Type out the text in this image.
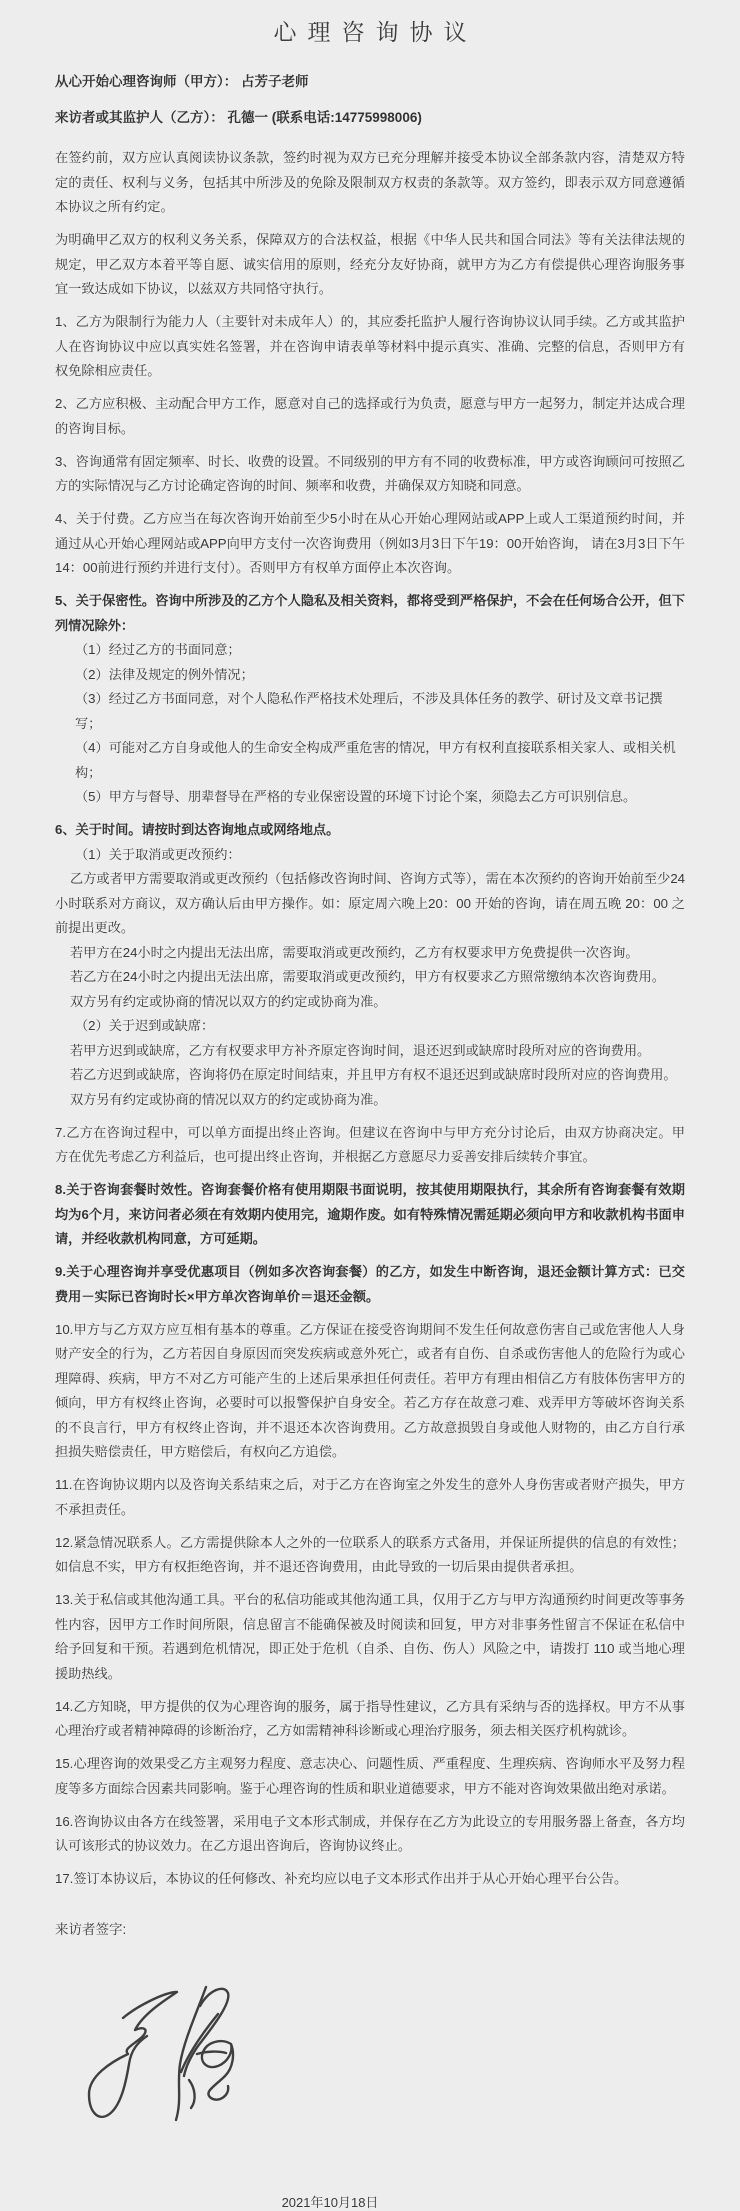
心理咨询协议

从心开始心理咨询师（甲方）： 占芳子老师

来访者或其监护人（乙方）： 孔德一 (联系电话:14775998006)

在签约前，双方应认真阅读协议条款，签约时视为双方已充分理解并接受本协议全部条款内容，清楚双方特定的责任、权利与义务，包括其中所涉及的免除及限制双方权责的条款等。双方签约，即表示双方同意遵循本协议之所有约定。

为明确甲乙双方的权利义务关系，保障双方的合法权益，根据《中华人民共和国合同法》等有关法律法规的规定，甲乙双方本着平等自愿、诚实信用的原则，经充分友好协商，就甲方为乙方有偿提供心理咨询服务事宜一致达成如下协议，以兹双方共同恪守执行。

1、乙方为限制行为能力人（主要针对未成年人）的，其应委托监护人履行咨询协议认同手续。乙方或其监护人在咨询协议中应以真实姓名签署，并在咨询申请表单等材料中提示真实、准确、完整的信息，否则甲方有权免除相应责任。

2、乙方应积极、主动配合甲方工作，愿意对自己的选择或行为负责，愿意与甲方一起努力，制定并达成合理的咨询目标。

3、咨询通常有固定频率、时长、收费的设置。不同级别的甲方有不同的收费标准，甲方或咨询顾问可按照乙方的实际情况与乙方讨论确定咨询的时间、频率和收费，并确保双方知晓和同意。

4、关于付费。乙方应当在每次咨询开始前至少5小时在从心开始心理网站或APP上或人工渠道预约时间，并通过从心开始心理网站或APP向甲方支付一次咨询费用（例如3月3日下午19：00开始咨询， 请在3月3日下午14：00前进行预约并进行支付）。否则甲方有权单方面停止本次咨询。

5、关于保密性。咨询中所涉及的乙方个人隐私及相关资料，都将受到严格保护，不会在任何场合公开，但下列情况除外：

（1）经过乙方的书面同意；

（2）法律及规定的例外情况；

（3）经过乙方书面同意，对个人隐私作严格技术处理后，不涉及具体任务的教学、研讨及文章书记撰写；

（4）可能对乙方自身或他人的生命安全构成严重危害的情况，甲方有权利直接联系相关家人、或相关机构；

（5）甲方与督导、朋辈督导在严格的专业保密设置的环境下讨论个案，须隐去乙方可识别信息。

6、关于时间。请按时到达咨询地点或网络地点。

（1）关于取消或更改预约：

乙方或者甲方需要取消或更改预约（包括修改咨询时间、咨询方式等），需在本次预约的咨询开始前至少24小时联系对方商议，双方确认后由甲方操作。如：原定周六晚上20：00 开始的咨询，请在周五晚 20：00 之前提出更改。

若甲方在24小时之内提出无法出席，需要取消或更改预约，乙方有权要求甲方免费提供一次咨询。

若乙方在24小时之内提出无法出席，需要取消或更改预约，甲方有权要求乙方照常缴纳本次咨询费用。

双方另有约定或协商的情况以双方的约定或协商为准。

（2）关于迟到或缺席：

若甲方迟到或缺席，乙方有权要求甲方补齐原定咨询时间，退还迟到或缺席时段所对应的咨询费用。

若乙方迟到或缺席，咨询将仍在原定时间结束，并且甲方有权不退还迟到或缺席时段所对应的咨询费用。

双方另有约定或协商的情况以双方的约定或协商为准。

7.乙方在咨询过程中，可以单方面提出终止咨询。但建议在咨询中与甲方充分讨论后，由双方协商决定。甲方在优先考虑乙方利益后，也可提出终止咨询，并根据乙方意愿尽力妥善安排后续转介事宜。

8.关于咨询套餐时效性。咨询套餐价格有使用期限书面说明，按其使用期限执行，其余所有咨询套餐有效期均为6个月，来访问者必须在有效期内使用完，逾期作废。如有特殊情况需延期必须向甲方和收款机构书面申请，并经收款机构同意，方可延期。

9.关于心理咨询并享受优惠项目（例如多次咨询套餐）的乙方，如发生中断咨询，退还金额计算方式：已交费用－实际已咨询时长×甲方单次咨询单价＝退还金额。

10.甲方与乙方双方应互相有基本的尊重。乙方保证在接受咨询期间不发生任何故意伤害自己或危害他人人身财产安全的行为，乙方若因自身原因而突发疾病或意外死亡，或者有自伤、自杀或伤害他人的危险行为或心理障碍、疾病，甲方不对乙方可能产生的上述后果承担任何责任。若甲方有理由相信乙方有肢体伤害甲方的倾向，甲方有权终止咨询，必要时可以报警保护自身安全。若乙方存在故意刁难、戏弄甲方等破坏咨询关系的不良言行，甲方有权终止咨询，并不退还本次咨询费用。乙方故意损毁自身或他人财物的，由乙方自行承担损失赔偿责任，甲方赔偿后，有权向乙方追偿。

11.在咨询协议期内以及咨询关系结束之后，对于乙方在咨询室之外发生的意外人身伤害或者财产损失，甲方不承担责任。

12.紧急情况联系人。乙方需提供除本人之外的一位联系人的联系方式备用，并保证所提供的信息的有效性；如信息不实，甲方有权拒绝咨询，并不退还咨询费用，由此导致的一切后果由提供者承担。

13.关于私信或其他沟通工具。平台的私信功能或其他沟通工具，仅用于乙方与甲方沟通预约时间更改等事务性内容，因甲方工作时间所限，信息留言不能确保被及时阅读和回复，甲方对非事务性留言不保证在私信中给予回复和干预。若遇到危机情况，即正处于危机（自杀、自伤、伤人）风险之中，请拨打 110 或当地心理援助热线。

14.乙方知晓，甲方提供的仅为心理咨询的服务，属于指导性建议，乙方具有采纳与否的选择权。甲方不从事心理治疗或者精神障碍的诊断治疗，乙方如需精神科诊断或心理治疗服务，须去相关医疗机构就诊。

15.心理咨询的效果受乙方主观努力程度、意志决心、问题性质、严重程度、生理疾病、咨询师水平及努力程度等多方面综合因素共同影响。鉴于心理咨询的性质和职业道德要求，甲方不能对咨询效果做出绝对承诺。

16.咨询协议由各方在线签署，采用电子文本形式制成，并保存在乙方为此设立的专用服务器上备查，各方均认可该形式的协议效力。在乙方退出咨询后，咨询协议终止。

17.签订本协议后，本协议的任何修改、补充均应以电子文本形式作出并于从心开始心理平台公告。

来访者签字:

2021年10月18日
